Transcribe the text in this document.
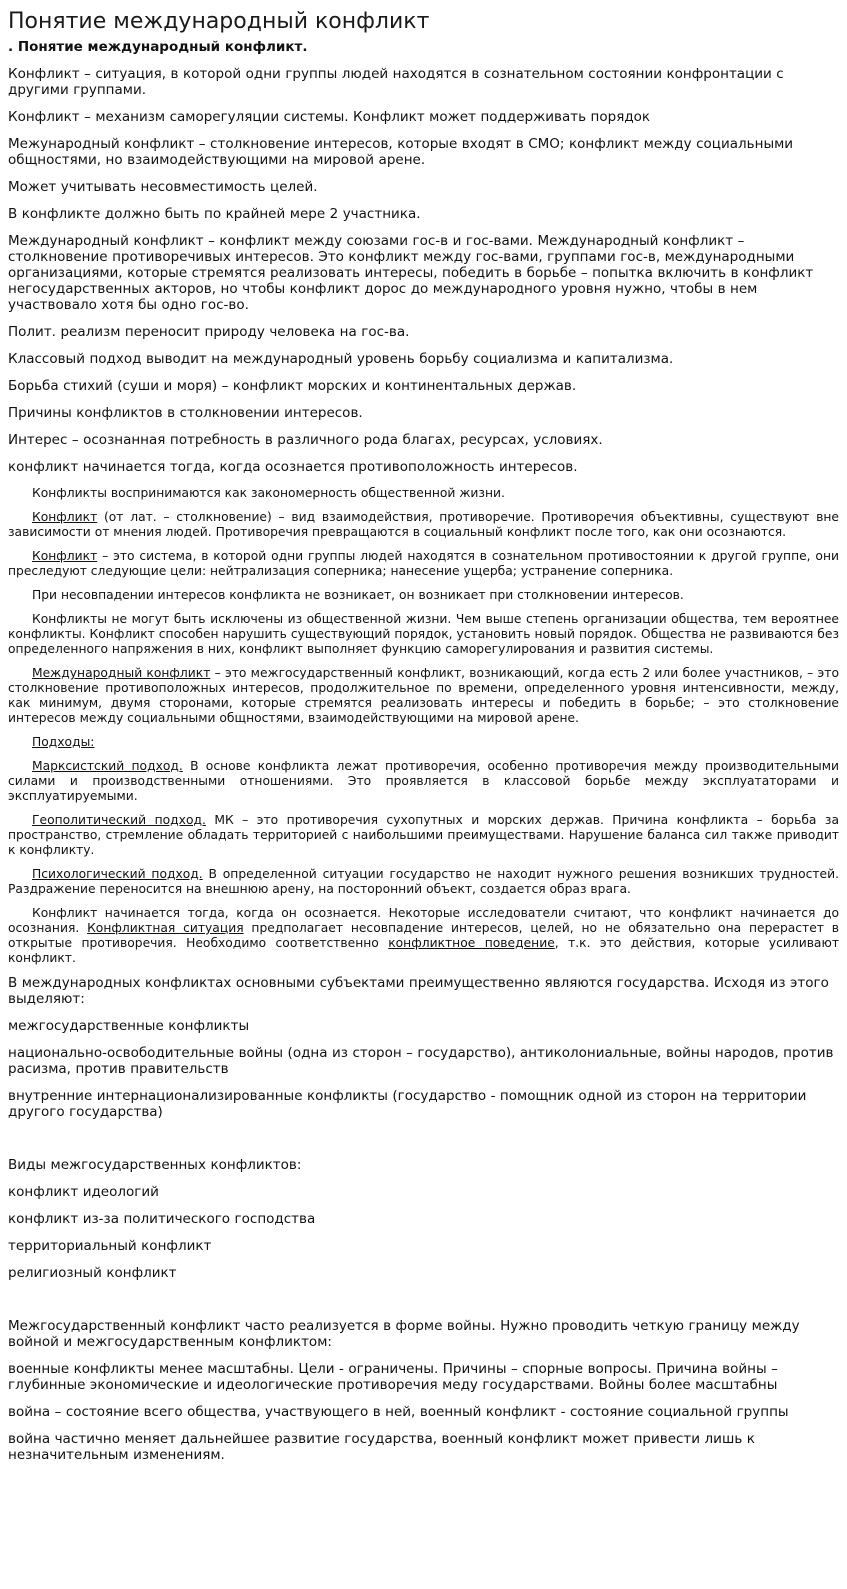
Понятие международный конфликт
. Понятие международный конфликт.
Конфликт – ситуация, в которой одни группы людей находятся в сознательном состоянии конфронтации с другими группами.
Конфликт – механизм саморегуляции системы. Конфликт может поддерживать порядок
Межународный конфликт – столкновение интересов, которые входят в СМО; конфликт между социальными общностями, но взаимодействующими на мировой арене.
Может учитывать несовместимость целей.
В конфликте должно быть по крайней мере 2 участника.
Международный конфликт – конфликт между союзами гос-в и гос-вами. Международный конфликт – столкновение противоречивых интересов. Это конфликт между гос-вами, группами гос-в, международными организациями, которые стремятся реализовать интересы, победить в борьбе – попытка включить в конфликт негосударственных акторов, но чтобы конфликт дорос до международного уровня нужно, чтобы в нем участвовало хотя бы одно гос-во.
Полит. реализм переносит природу человека на гос-ва.
Классовый подход выводит на международный уровень борьбу социализма и капитализма.
Борьба стихий (суши и моря) – конфликт морских и континентальных держав.
Причины конфликтов в столкновении интересов.
Интерес – осознанная потребность в различного рода благах, ресурсах, условиях.
конфликт начинается тогда, когда осознается противоположность интересов.
Конфликты воспринимаются как закономерность общественной жизни.
Конфликт (от лат. – столкновение) – вид взаимодействия, противоречие. Противоречия объективны, существуют вне зависимости от мнения людей. Противоречия превращаются в социальный конфликт после того, как они осознаются.
Конфликт – это система, в которой одни группы людей находятся в сознательном противостоянии к другой группе, они преследуют следующие цели: нейтрализация соперника; нанесение ущерба; устранение соперника.
При несовпадении интересов конфликта не возникает, он возникает при столкновении интересов.
Конфликты не могут быть исключены из общественной жизни. Чем выше степень организации общества, тем вероятнее конфликты. Конфликт способен нарушить существующий порядок, установить новый порядок. Общества не развиваются без определенного напряжения в них, конфликт выполняет функцию саморегулирования и развития системы.
Международный конфликт – это межгосударственный конфликт, возникающий, когда есть 2 или более участников, – это столкновение противоположных интересов, продолжительное по времени, определенного уровня интенсивности, между, как минимум, двумя сторонами, которые стремятся реализовать интересы и победить в борьбе; – это столкновение интересов между социальными общностями, взаимодействующими на мировой арене.
Подходы:
Марксистский подход. В основе конфликта лежат противоречия, особенно противоречия между производительными силами и производственными отношениями. Это проявляется в классовой борьбе между эксплуататорами и эксплуатируемыми.
Геополитический подход. МК – это противоречия сухопутных и морских держав. Причина конфликта – борьба за пространство, стремление обладать территорией с наибольшими преимуществами. Нарушение баланса сил также приводит к конфликту.
Психологический подход. В определенной ситуации государство не находит нужного решения возникших трудностей. Раздражение переносится на внешнюю арену, на посторонний объект, создается образ врага.
Конфликт начинается тогда, когда он осознается. Некоторые исследователи считают, что конфликт начинается до осознания. Конфликтная ситуация предполагает несовпадение интересов, целей, но не обязательно она перерастет в открытые противоречия. Необходимо соответственно конфликтное поведение, т.к. это действия, которые усиливают конфликт.
В международных конфликтах основными субъектами преимущественно являются государства. Исходя из этого выделяют:
межгосударственные конфликты
национально-освободительные войны (одна из сторон – государство), антиколониальные, войны народов, против расизма, против правительств
внутренние интернационализированные конфликты (государство - помощник одной из сторон на территории другого государства)
Виды межгосударственных конфликтов:
конфликт идеологий
конфликт из-за политического господства
территориальный конфликт
религиозный конфликт
Межгосударственный конфликт часто реализуется в форме войны. Нужно проводить четкую границу между войной и межгосударственным конфликтом:
военные конфликты менее масштабны. Цели - ограничены. Причины – спорные вопросы. Причина войны – глубинные экономические и идеологические противоречия меду государствами. Войны более масштабны
война – состояние всего общества, участвующего в ней, военный конфликт - состояние социальной группы
война частично меняет дальнейшее развитие государства, военный конфликт может привести лишь к незначительным изменениям.
